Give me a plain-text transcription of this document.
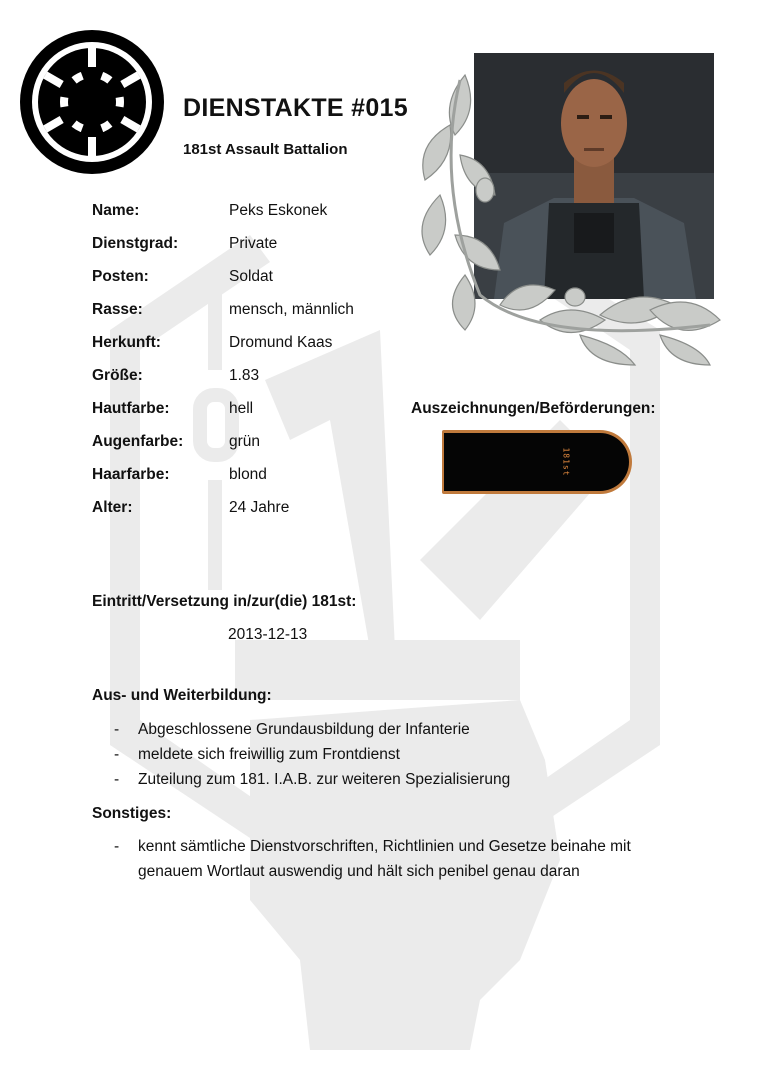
DIENSTAKTE #015
181st Assault Battalion
Name:	Peks Eskonek
Dienstgrad:	Private
Posten:	Soldat
Rasse:	mensch, männlich
Herkunft:	Dromund Kaas
Größe:	1.83
Hautfarbe:	hell
Augenfarbe:	grün
Haarfarbe:	blond
Alter:	24 Jahre
Auszeichnungen/Beförderungen:
181st
Eintritt/Versetzung in/zur(die) 181st:
2013-12-13
Aus- und Weiterbildung:
- Abgeschlossene Grundausbildung der Infanterie
- meldete sich freiwillig zum Frontdienst
- Zuteilung zum 181. I.A.B. zur weiteren Spezialisierung
Sonstiges:
- kennt sämtliche Dienstvorschriften, Richtlinien und Gesetze beinahe mit genauem Wortlaut auswendig und hält sich penibel genau daran
